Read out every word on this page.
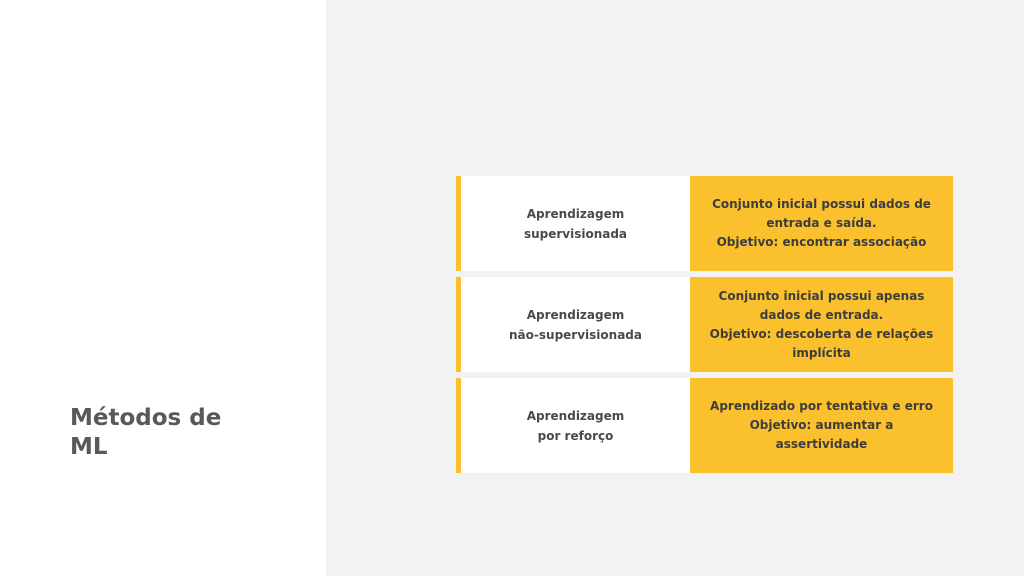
Métodos de
ML
Aprendizagem
supervisionada
Conjunto inicial possui dados de
entrada e saída.
Objetivo: encontrar associação
Aprendizagem
não-supervisionada
Conjunto inicial possui apenas
dados de entrada.
Objetivo: descoberta de relações
implícita
Aprendizagem
por reforço
Aprendizado por tentativa e erro
Objetivo: aumentar a
assertividade
